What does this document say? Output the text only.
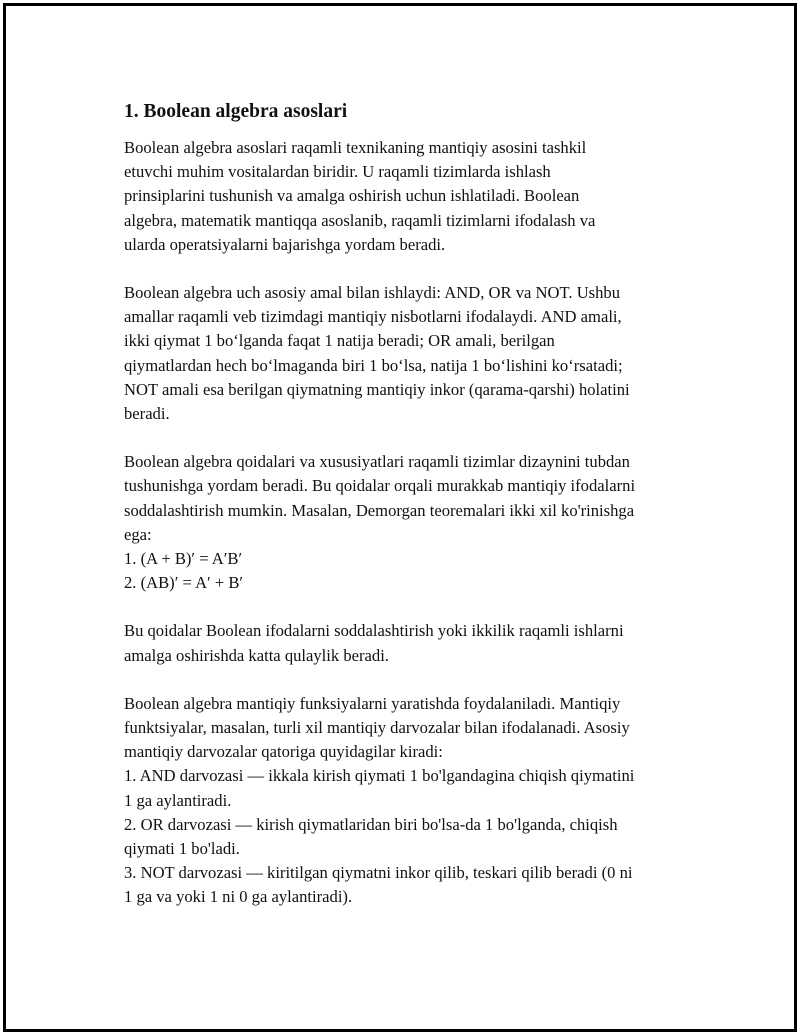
1. Boolean algebra asoslari
Boolean algebra asoslari raqamli texnikaning mantiqiy asosini tashkil
etuvchi muhim vositalardan biridir. U raqamli tizimlarda ishlash
prinsiplarini tushunish va amalga oshirish uchun ishlatiladi. Boolean
algebra, matematik mantiqqa asoslanib, raqamli tizimlarni ifodalash va
ularda operatsiyalarni bajarishga yordam beradi.
Boolean algebra uch asosiy amal bilan ishlaydi: AND, OR va NOT. Ushbu
amallar raqamli veb tizimdagi mantiqiy nisbotlarni ifodalaydi. AND amali,
ikki qiymat 1 bo‘lganda faqat 1 natija beradi; OR amali, berilgan
qiymatlardan hech bo‘lmaganda biri 1 bo‘lsa, natija 1 bo‘lishini ko‘rsatadi;
NOT amali esa berilgan qiymatning mantiqiy inkor (qarama-qarshi) holatini
beradi.
Boolean algebra qoidalari va xususiyatlari raqamli tizimlar dizaynini tubdan
tushunishga yordam beradi. Bu qoidalar orqali murakkab mantiqiy ifodalarni
soddalashtirish mumkin. Masalan, Demorgan teoremalari ikki xil ko'rinishga
ega:
1. (A + B)′ = A′B′
2. (AB)′ = A′ + B′
Bu qoidalar Boolean ifodalarni soddalashtirish yoki ikkilik raqamli ishlarni
amalga oshirishda katta qulaylik beradi.
Boolean algebra mantiqiy funksiyalarni yaratishda foydalaniladi. Mantiqiy
funktsiyalar, masalan, turli xil mantiqiy darvozalar bilan ifodalanadi. Asosiy
mantiqiy darvozalar qatoriga quyidagilar kiradi:
1. AND darvozasi — ikkala kirish qiymati 1 bo'lgandagina chiqish qiymatini
1 ga aylantiradi.
2. OR darvozasi — kirish qiymatlaridan biri bo'lsa-da 1 bo'lganda, chiqish
qiymati 1 bo'ladi.
3. NOT darvozasi — kiritilgan qiymatni inkor qilib, teskari qilib beradi (0 ni
1 ga va yoki 1 ni 0 ga aylantiradi).
